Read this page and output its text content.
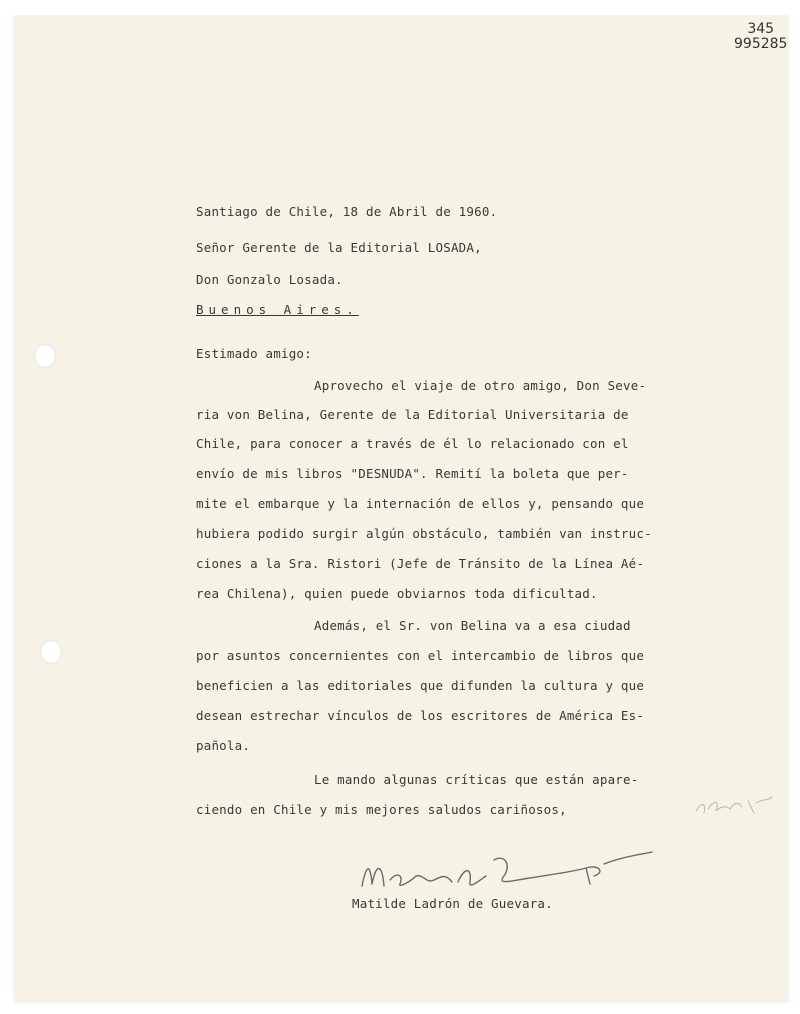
345
995285
Santiago de Chile, 18 de Abril de 1960.
Señor Gerente de la Editorial LOSADA,
Don Gonzalo Losada.
Buenos Aires.
Estimado amigo:
Aprovecho el viaje de otro amigo, Don Seve-
ria von Belina, Gerente de la Editorial Universitaria de
Chile, para conocer a través de él lo relacionado con el
envío de mis libros "DESNUDA". Remití la boleta que per-
mite el embarque y la internación de ellos y, pensando que
hubiera podido surgir algún obstáculo, también van instruc-
ciones a la Sra. Ristori (Jefe de Tránsito de la Línea Aé-
rea Chilena), quien puede obviarnos toda dificultad.
Además, el Sr. von Belina va a esa ciudad
por asuntos concernientes con el intercambio de libros que
beneficien a las editoriales que difunden la cultura y que
desean estrechar vínculos de los escritores de América Es-
pañola.
Le mando algunas críticas que están apare-
ciendo en Chile y mis mejores saludos cariñosos,
Matilde Ladrón de Guevara.
